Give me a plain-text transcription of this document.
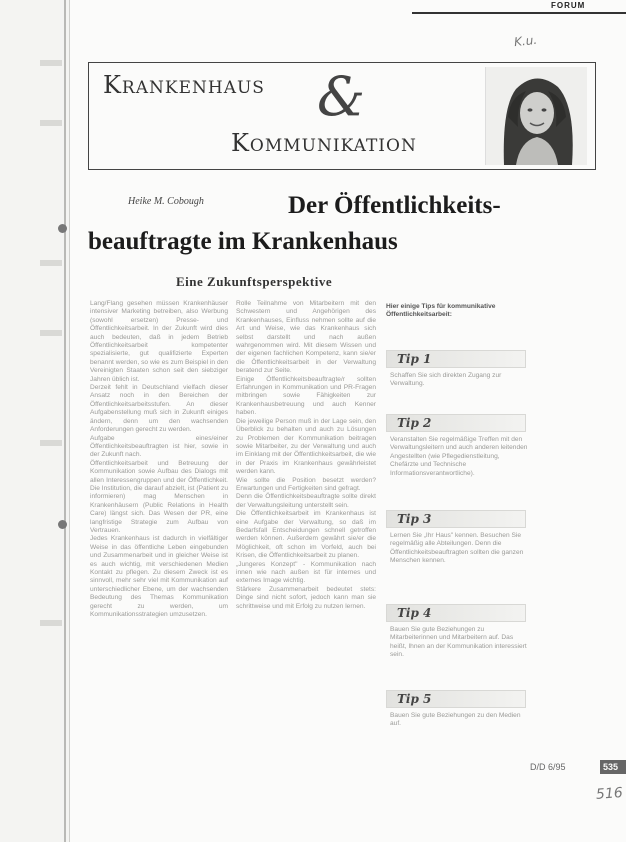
FORUM
K.u.
Krankenhaus &
Kommunikation
Heike M. Cobough	Der Öffentlichkeits-
beauftragte im Krankenhaus
Eine Zukunftsperspektive

Lang/Flang gesehen müssen Krankenhäuser intensiver Marketing betreiben, also Werbung (sowohl ersetzen) Presse- und Öffentlichkeitsarbeit. In der Zukunft wird dies auch bedeuten, daß in jedem Betrieb Öffentlichkeitsarbeit kompetenter spezialisierte, gut qualifizierte Experten benannt werden, so wie es zum Beispiel in den Vereinigten Staaten schon seit den siebziger Jahren üblich ist.

Derzeit fehlt in Deutschland vielfach dieser Ansatz noch in den Bereichen der Öffentlichkeitsarbeitsstufen. An dieser Aufgabenstellung muß sich in Zukunft einiges ändern, denn um den wachsenden Anforderungen gerecht zu werden.

Aufgabe eines/einer Öffentlichkeitsbeauftragten ist hier, sowie in der Zukunft nach.

Öffentlichkeitsarbeit und Betreuung der Kommunikation sowie Aufbau des Dialogs mit allen Interessengruppen und der Öffentlichkeit. Die Institution, die darauf abzielt, ist (Patient zu informieren) mag Menschen in Krankenhäusern (Public Relations in Health Care) längst sich. Das Wesen der PR, eine langfristige Strategie zum Aufbau von Vertrauen.

Jedes Krankenhaus ist dadurch in vielfältiger Weise in das öffentliche Leben eingebunden und Zusammenarbeit und in gleicher Weise ist es auch wichtig, mit verschiedenen Medien Kontakt zu pflegen. Zu diesem Zweck ist es sinnvoll, mehr sehr viel mit Kommunikation auf unterschiedlicher Ebene, um der wachsenden Bedeutung des Themas Kommunikation gerecht zu werden, um Kommunikationsstrategien umzusetzen.

Rolle Teilnahme von Mitarbeitern mit den Schwestern und Angehörigen des Krankenhauses, Einfluss nehmen sollte auf die Art und Weise, wie das Krankenhaus sich selbst darstellt und nach außen wahrgenommen wird. Mit diesem Wissen und der eigenen fachlichen Kompetenz, kann sie/er die Öffentlichkeitsarbeit in der Verwaltung beratend zur Seite.

Einige Öffentlichkeitsbeauftragte/r sollten Erfahrungen in Kommunikation und PR-Fragen mitbringen sowie Fähigkeiten zur Krankenhausbetreuung und auch Kenner haben.

Die jeweilige Person muß in der Lage sein, den Überblick zu behalten und auch zu Lösungen zu Problemen der Kommunikation beitragen sowie Mitarbeiter, zu der Verwaltung und auch im Einklang mit der Öffentlichkeitsarbeit, die wie in der Praxis im Krankenhaus gewährleistet werden kann.

Wie sollte die Position besetzt werden? Erwartungen und Fertigkeiten sind gefragt.

Denn die Öffentlichkeitsbeauftragte sollte direkt der Verwaltungsleitung unterstellt sein.

Die Öffentlichkeitsarbeit im Krankenhaus ist eine Aufgabe der Verwaltung, so daß im Bedarfsfall Entscheidungen schnell getroffen werden können. Außerdem gewährt sie/er die Möglichkeit, oft schon im Vorfeld, auch bei Krisen, die Öffentlichkeitsarbeit zu planen.

„Jungeres Konzept" - Kommunikation nach innen wie nach außen ist für internes und externes Image wichtig.

Stärkere Zusammenarbeit bedeutet stets: Dinge sind nicht sofort, jedoch kann man sie schrittweise und mit Erfolg zu nutzen lernen.

Hier einige Tips für kommunikative Öffentlichkeitsarbeit:
Tip 1
Schaffen Sie sich direkten Zugang zur Verwaltung.
Tip 2
Veranstalten Sie regelmäßige Treffen mit den Verwaltungsleitern und auch anderen leitenden Angestellten (wie Pflegedienstleitung, Chefärzte und Technische Informationsverantwortliche).
Tip 3
Lernen Sie „Ihr Haus" kennen. Besuchen Sie regelmäßig alle Abteilungen. Denn die Öffentlichkeitsbeauftragten sollten die ganzen Menschen kennen.
Tip 4
Bauen Sie gute Beziehungen zu Mitarbeiterinnen und Mitarbeitern auf. Das heißt, Ihnen an der Kommunikation interessiert sein.
Tip 5
Bauen Sie gute Beziehungen zu den Medien auf.
D/D 6/95	535
516
